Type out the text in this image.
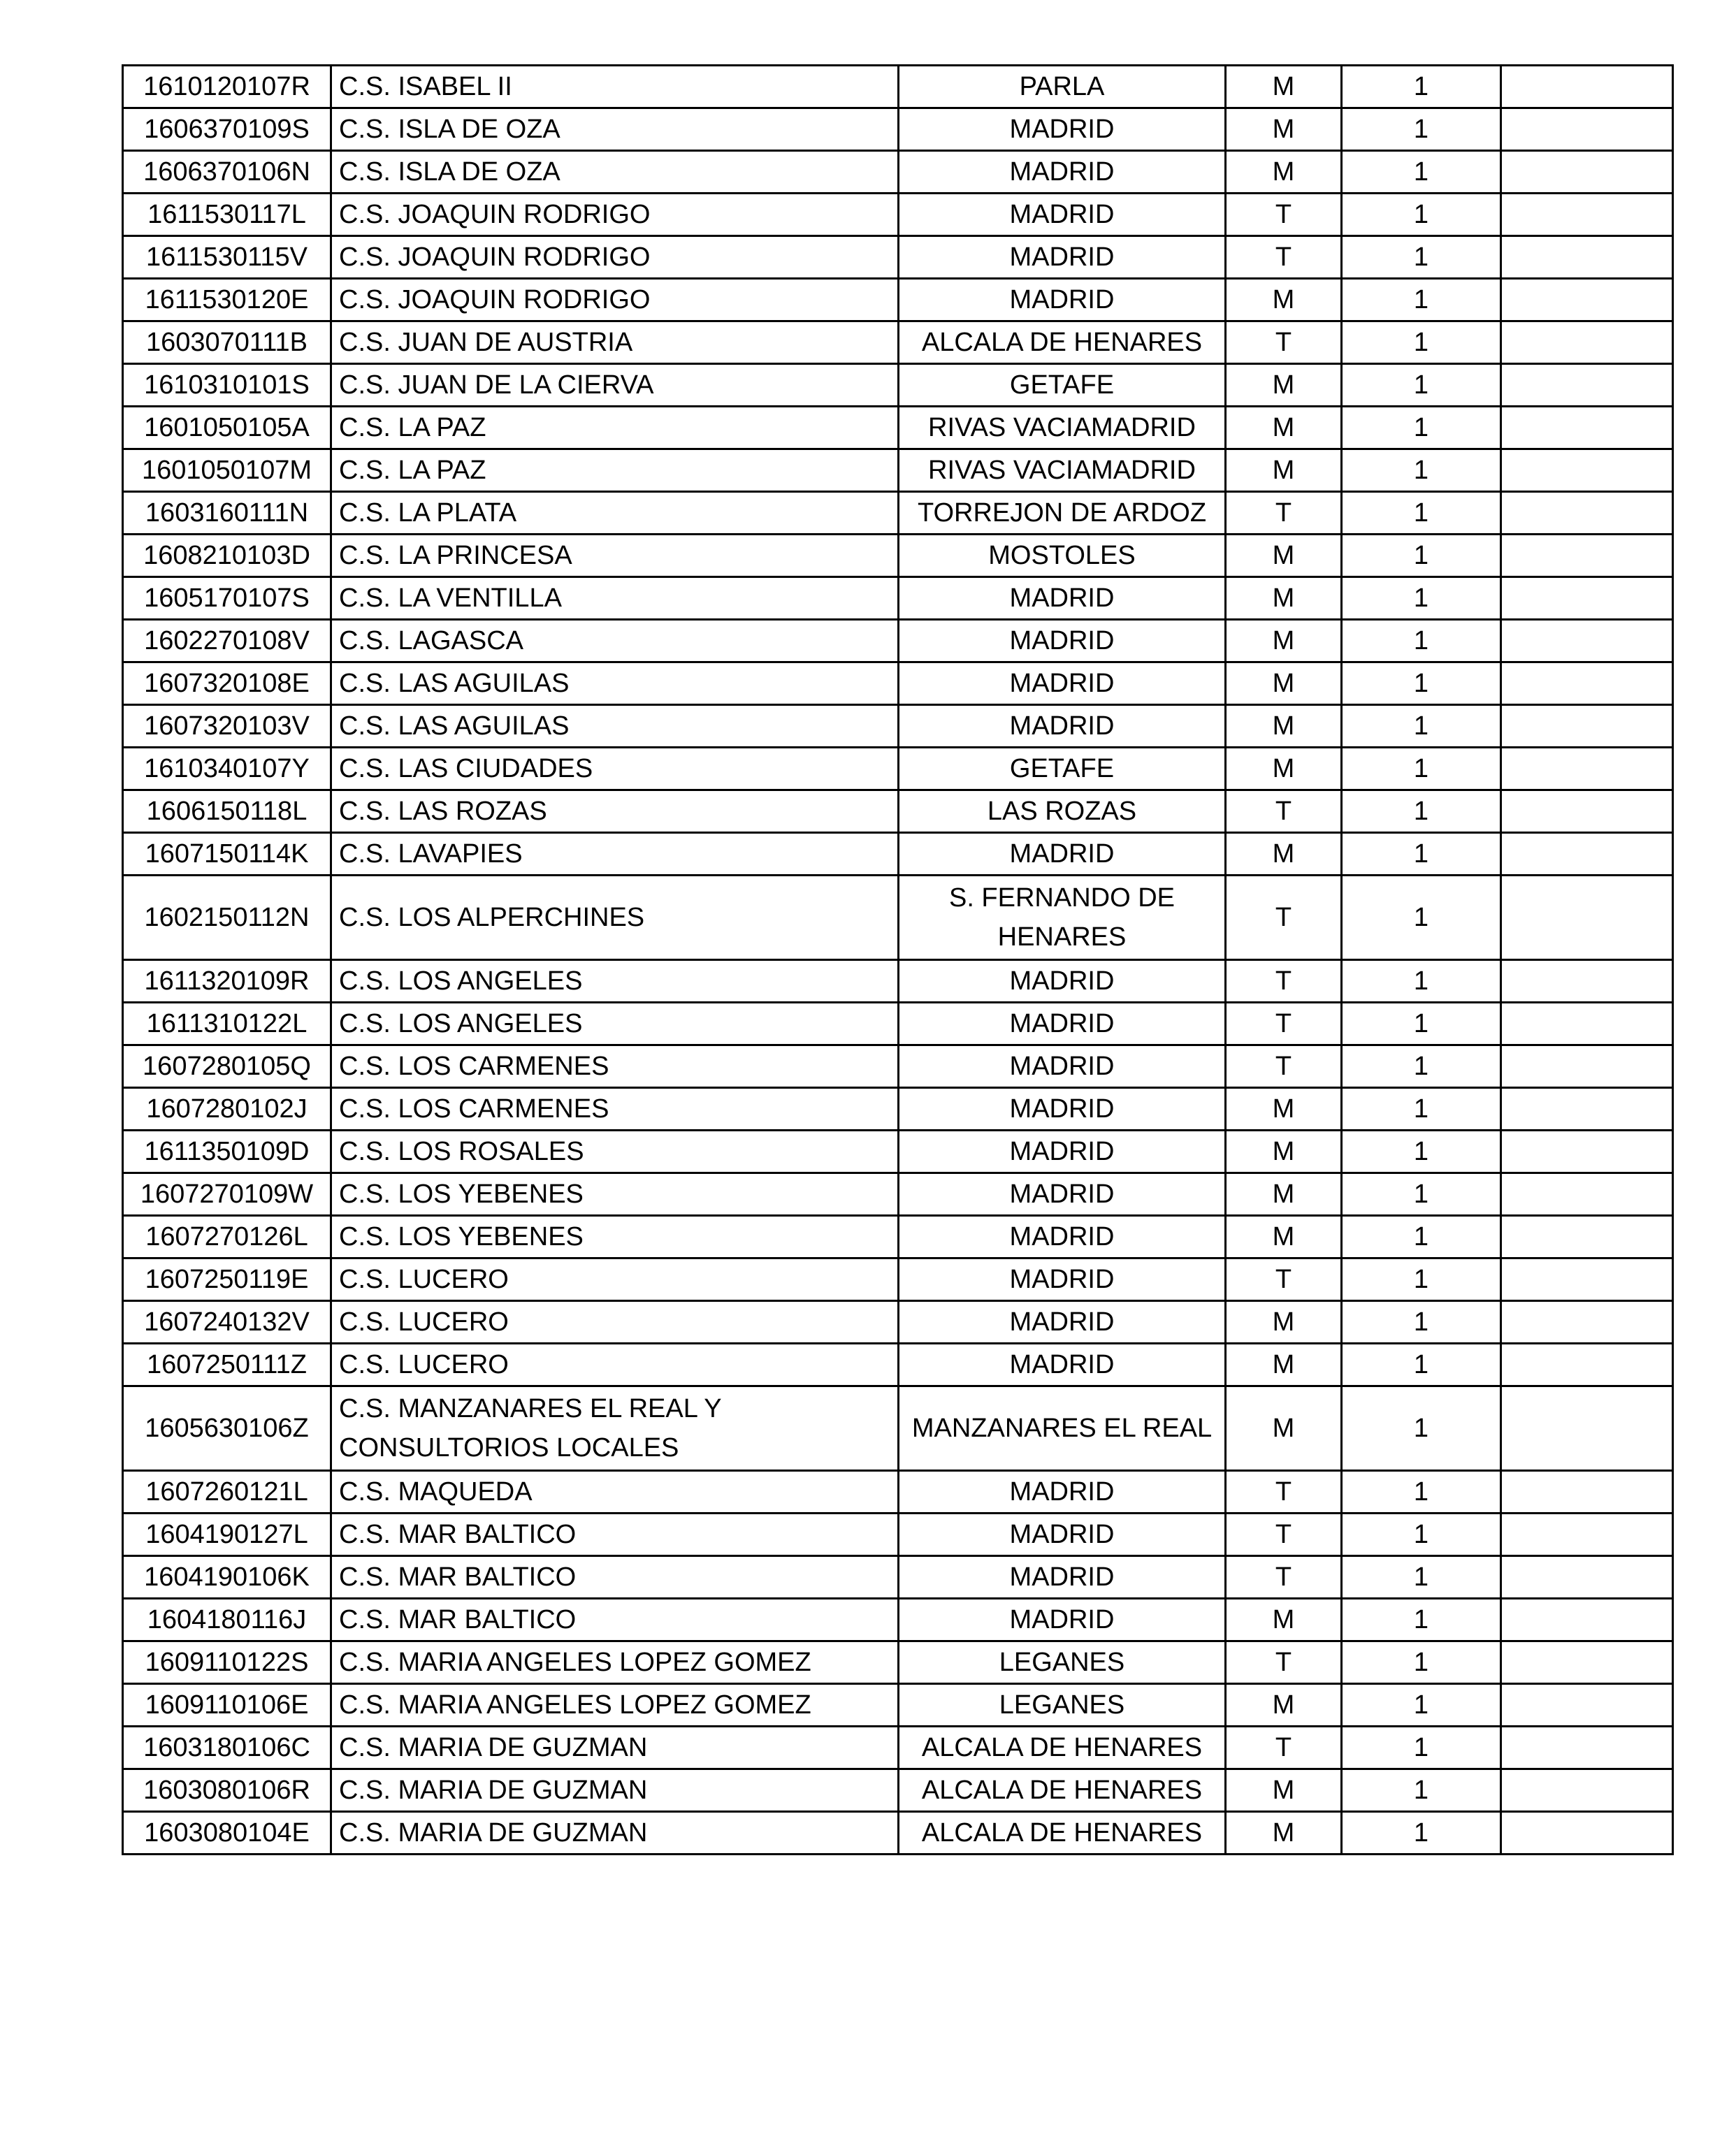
1610120107R	C.S. ISABEL II	PARLA	M	1	
1606370109S	C.S. ISLA DE OZA	MADRID	M	1	
1606370106N	C.S. ISLA DE OZA	MADRID	M	1	
1611530117L	C.S. JOAQUIN RODRIGO	MADRID	T	1	
1611530115V	C.S. JOAQUIN RODRIGO	MADRID	T	1	
1611530120E	C.S. JOAQUIN RODRIGO	MADRID	M	1	
1603070111B	C.S. JUAN DE AUSTRIA	ALCALA DE HENARES	T	1	
1610310101S	C.S. JUAN DE LA CIERVA	GETAFE	M	1	
1601050105A	C.S. LA PAZ	RIVAS VACIAMADRID	M	1	
1601050107M	C.S. LA PAZ	RIVAS VACIAMADRID	M	1	
1603160111N	C.S. LA PLATA	TORREJON DE ARDOZ	T	1	
1608210103D	C.S. LA PRINCESA	MOSTOLES	M	1	
1605170107S	C.S. LA VENTILLA	MADRID	M	1	
1602270108V	C.S. LAGASCA	MADRID	M	1	
1607320108E	C.S. LAS AGUILAS	MADRID	M	1	
1607320103V	C.S. LAS AGUILAS	MADRID	M	1	
1610340107Y	C.S. LAS CIUDADES	GETAFE	M	1	
1606150118L	C.S. LAS ROZAS	LAS ROZAS	T	1	
1607150114K	C.S. LAVAPIES	MADRID	M	1	
1602150112N	C.S. LOS ALPERCHINES	S. FERNANDO DE HENARES	T	1	
1611320109R	C.S. LOS ANGELES	MADRID	T	1	
1611310122L	C.S. LOS ANGELES	MADRID	T	1	
1607280105Q	C.S. LOS CARMENES	MADRID	T	1	
1607280102J	C.S. LOS CARMENES	MADRID	M	1	
1611350109D	C.S. LOS ROSALES	MADRID	M	1	
1607270109W	C.S. LOS YEBENES	MADRID	M	1	
1607270126L	C.S. LOS YEBENES	MADRID	M	1	
1607250119E	C.S. LUCERO	MADRID	T	1	
1607240132V	C.S. LUCERO	MADRID	M	1	
1607250111Z	C.S. LUCERO	MADRID	M	1	
1605630106Z	C.S. MANZANARES EL REAL Y CONSULTORIOS LOCALES	MANZANARES EL REAL	M	1	
1607260121L	C.S. MAQUEDA	MADRID	T	1	
1604190127L	C.S. MAR BALTICO	MADRID	T	1	
1604190106K	C.S. MAR BALTICO	MADRID	T	1	
1604180116J	C.S. MAR BALTICO	MADRID	M	1	
1609110122S	C.S. MARIA ANGELES LOPEZ GOMEZ	LEGANES	T	1	
1609110106E	C.S. MARIA ANGELES LOPEZ GOMEZ	LEGANES	M	1	
1603180106C	C.S. MARIA DE GUZMAN	ALCALA DE HENARES	T	1	
1603080106R	C.S. MARIA DE GUZMAN	ALCALA DE HENARES	M	1	
1603080104E	C.S. MARIA DE GUZMAN	ALCALA DE HENARES	M	1	
